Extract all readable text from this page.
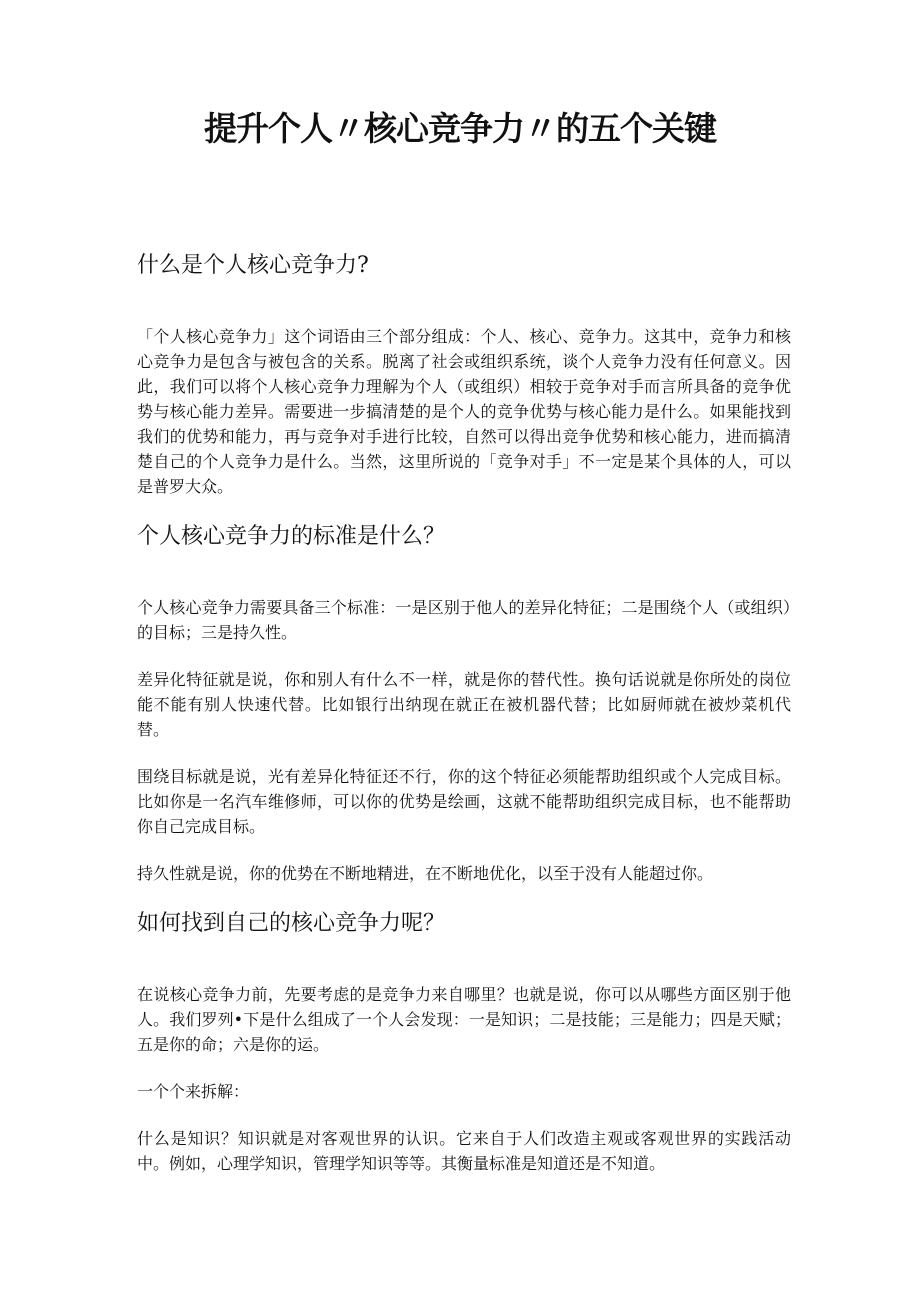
提升个人〃核心竞争力〃的五个关键
什么是个人核心竞争力?

「个人核心竞争力」这个词语由三个部分组成：个人、核心、竞争力。这其中，竞争力和核心竞争力是包含与被包含的关系。脱离了社会或组织系统，谈个人竞争力没有任何意义。因此，我们可以将个人核心竞争力理解为个人（或组织）相较于竞争对手而言所具备的竞争优势与核心能力差异。需要进一步搞清楚的是个人的竞争优势与核心能力是什么。如果能找到我们的优势和能力，再与竞争对手进行比较，自然可以得出竞争优势和核心能力，进而搞清楚自己的个人竞争力是什么。当然，这里所说的「竞争对手」不一定是某个具体的人，可以是普罗大众。

个人核心竞争力的标准是什么？

个人核心竞争力需要具备三个标准：一是区别于他人的差异化特征；二是围绕个人（或组织）的目标；三是持久性。

差异化特征就是说，你和别人有什么不一样，就是你的替代性。换句话说就是你所处的岗位能不能有别人快速代替。比如银行出纳现在就正在被机器代替；比如厨师就在被炒菜机代替。

围绕目标就是说，光有差异化特征还不行，你的这个特征必须能帮助组织或个人完成目标。比如你是一名汽车维修师，可以你的优势是绘画，这就不能帮助组织完成目标，也不能帮助你自己完成目标。

持久性就是说，你的优势在不断地精进，在不断地优化，以至于没有人能超过你。

如何找到自己的核心竞争力呢？

在说核心竞争力前，先要考虑的是竞争力来自哪里？也就是说，你可以从哪些方面区别于他人。我们罗列•下是什么组成了一个人会发现：一是知识；二是技能；三是能力；四是天赋；五是你的命；六是你的运。

一个个来拆解：

什么是知识？知识就是对客观世界的认识。它来自于人们改造主观或客观世界的实践活动中。例如，心理学知识，管理学知识等等。其衡量标准是知道还是不知道。
